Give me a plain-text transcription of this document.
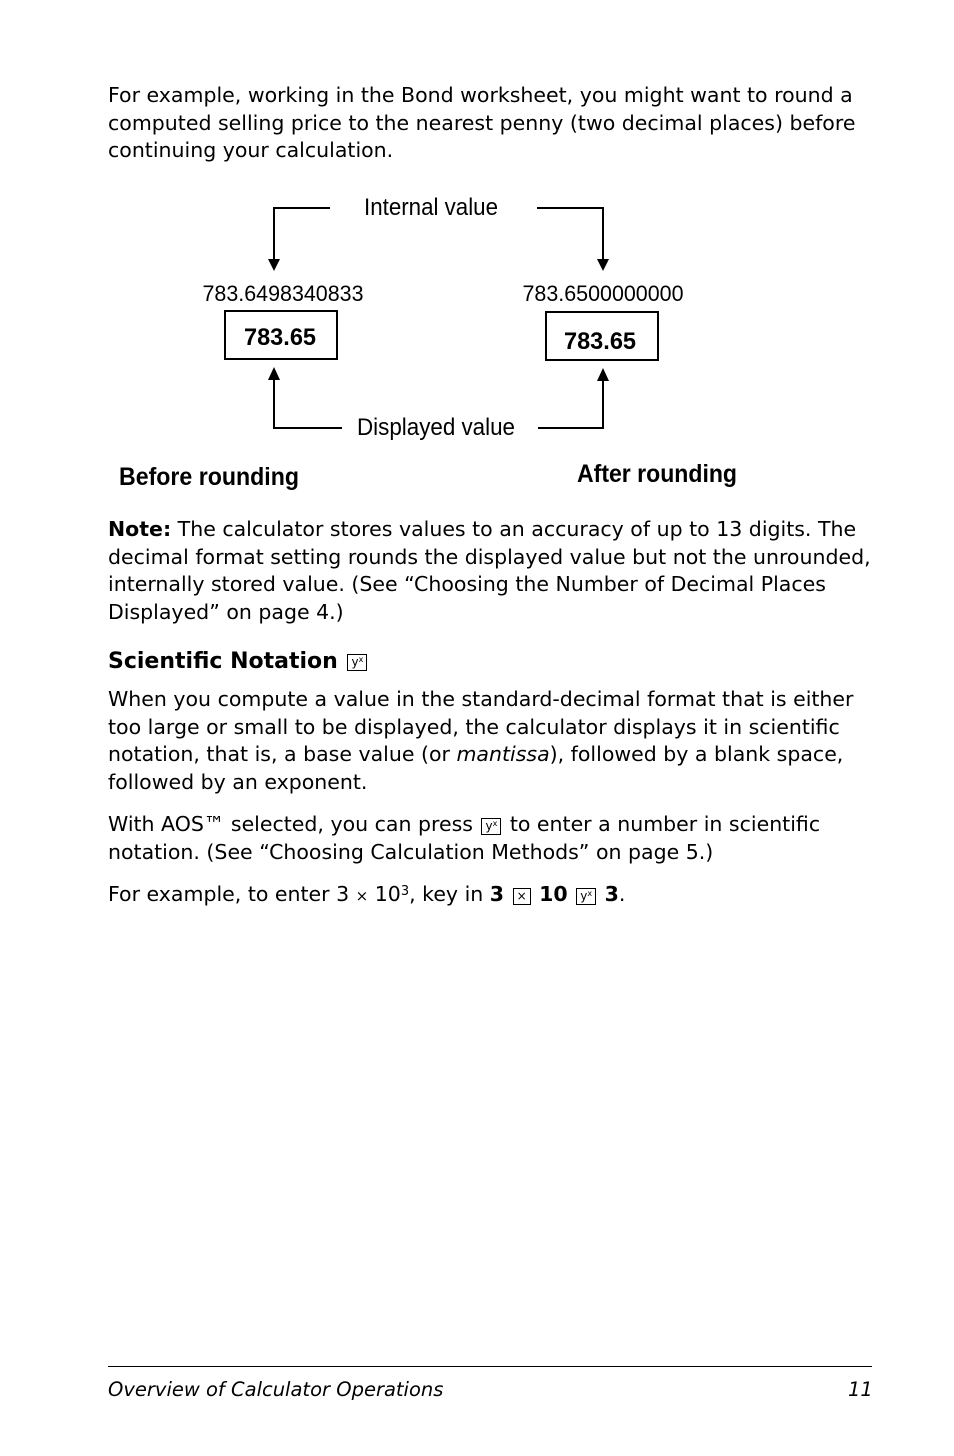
For example, working in the Bond worksheet, you might want to round a computed selling price to the nearest penny (two decimal places) before continuing your calculation.

Internal value
Displayed value
783.6498340833	783.6500000000
783.65	783.65
Before rounding	After rounding

Note: The calculator stores values to an accuracy of up to 13 digits. The decimal format setting rounds the displayed value but not the unrounded, internally stored value. (See “Choosing the Number of Decimal Places Displayed” on page 4.)

Scientific Notation $y^x$

When you compute a value in the standard-decimal format that is either too large or small to be displayed, the calculator displays it in scientific notation, that is, a base value (or mantissa), followed by a blank space, followed by an exponent.

With AOS™ selected, you can press $y^x$ to enter a number in scientific notation. (See “Choosing Calculation Methods” on page 5.)

For example, to enter $3 \times 10^3$, key in 3 × 10 $y^x$ 3.

Overview of Calculator Operations	11
